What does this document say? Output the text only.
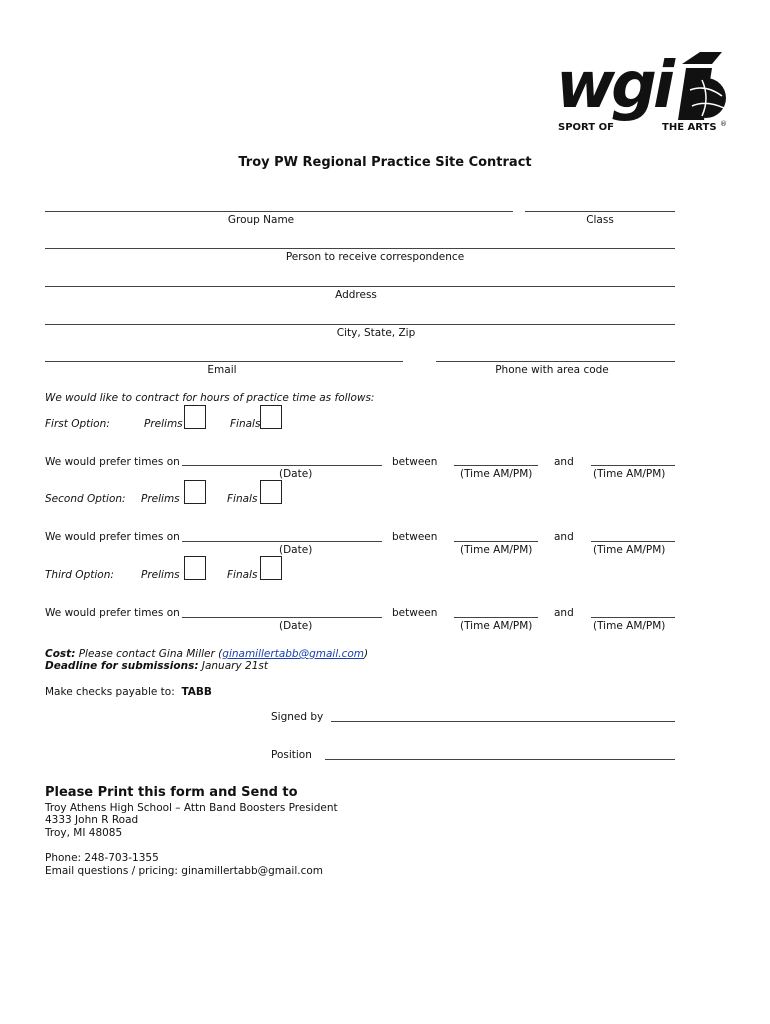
wgi
SPORT OF	THE ARTS ®
Troy PW Regional Practice Site Contract
Group Name	Class
Person to receive correspondence
Address
City, State, Zip
Email	Phone with area code
We would like to contract for hours of practice time as follows:
First Option:	Prelims	Finals
We would prefer times on	between	and
(Date)	(Time AM/PM)	(Time AM/PM)
Second Option: Prelims	Finals
We would prefer times on	between	and
(Date)	(Time AM/PM)	(Time AM/PM)
Third Option:	Prelims	Finals
We would prefer times on	between	and
(Date)	(Time AM/PM)	(Time AM/PM)
Cost: Please contact Gina Miller (ginamillertabb@gmail.com)
Deadline for submissions: January 21st
Make checks payable to: TABB
Signed by
Position
Please Print this form and Send to
Troy Athens High School – Attn Band Boosters President
4333 John R Road
Troy, MI 48085
Phone: 248-703-1355
Email questions / pricing: ginamillertabb@gmail.com
